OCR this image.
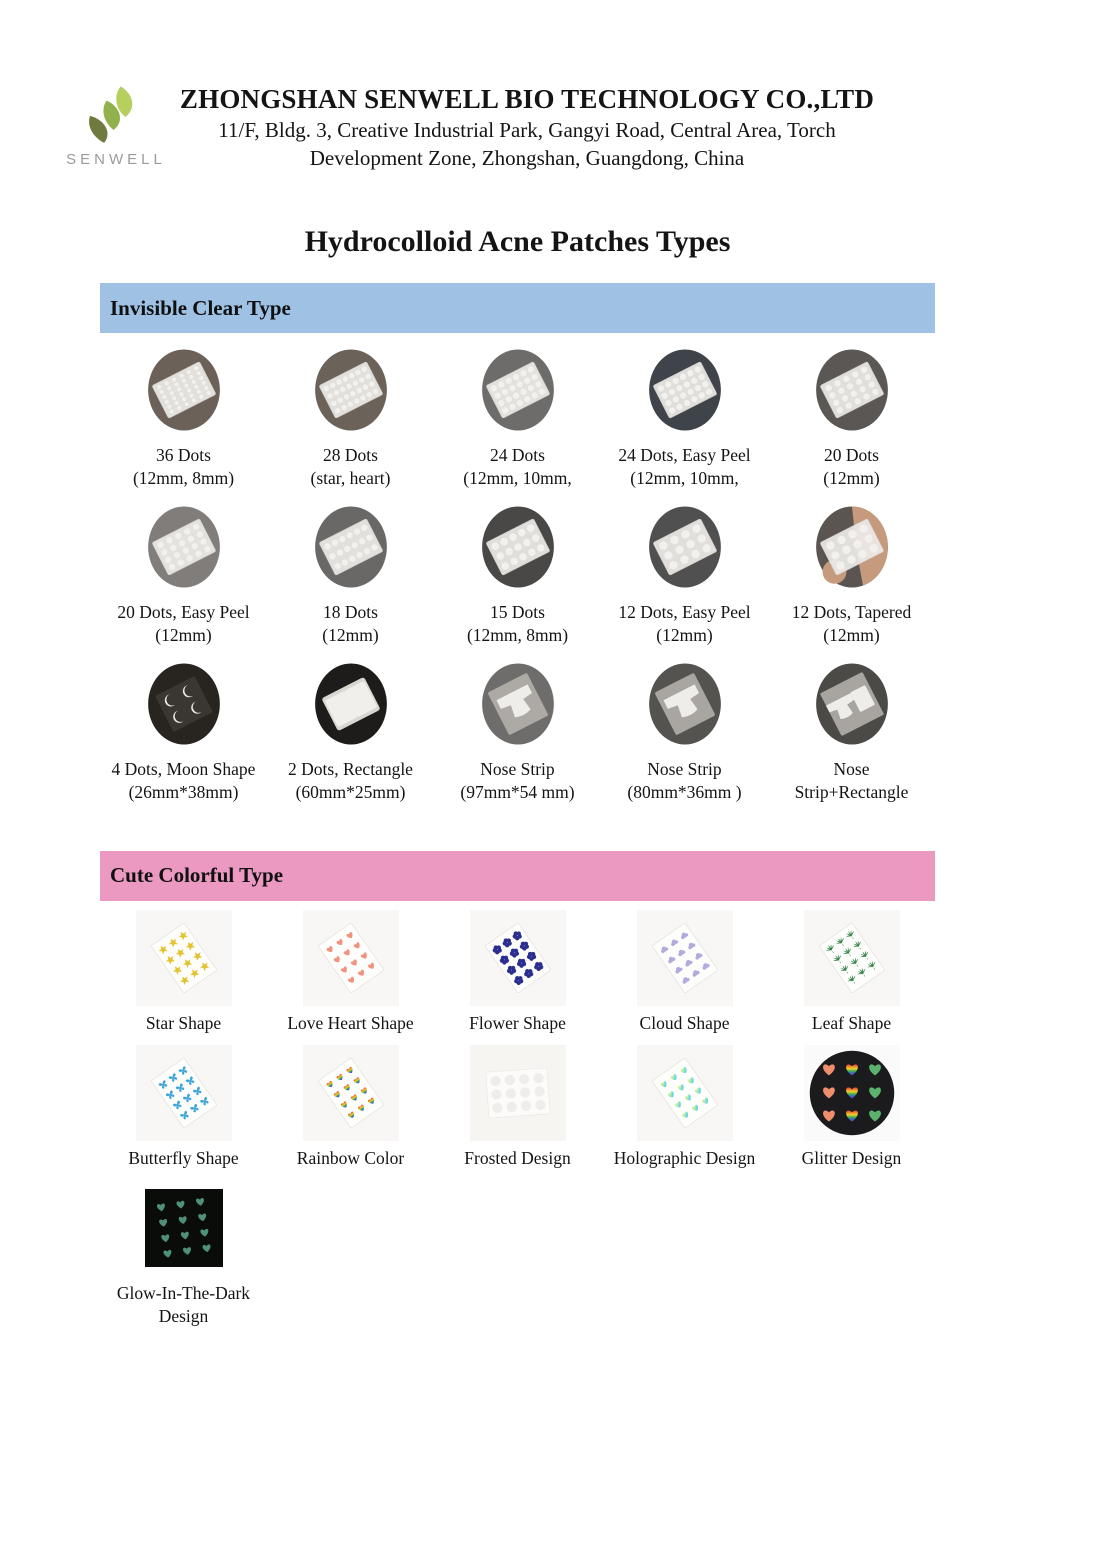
SENWELL
ZHONGSHAN SENWELL BIO TECHNOLOGY CO.,LTD
11/F, Bldg. 3, Creative Industrial Park, Gangyi Road, Central Area, Torch
Development Zone, Zhongshan, Guangdong, China
Hydrocolloid Acne Patches Types
Invisible Clear Type
36 Dots
(12mm, 8mm)
28 Dots
(star, heart)
24 Dots
(12mm, 10mm,
24 Dots, Easy Peel
(12mm, 10mm,
20 Dots
(12mm)
20 Dots, Easy Peel
(12mm)
18 Dots
(12mm)
15 Dots
(12mm, 8mm)
12 Dots, Easy Peel
(12mm)
12 Dots, Tapered
(12mm)
4 Dots, Moon Shape
(26mm*38mm)
2 Dots, Rectangle
(60mm*25mm)
Nose Strip
(97mm*54 mm)
Nose Strip
(80mm*36mm )
Nose
Strip+Rectangle
Cute Colorful Type
Star Shape	Love Heart Shape	Flower Shape	Cloud Shape	Leaf Shape
Butterfly Shape	Rainbow Color	Frosted Design Holographic Design	Glitter Design
Glow-In-The-Dark
Design
